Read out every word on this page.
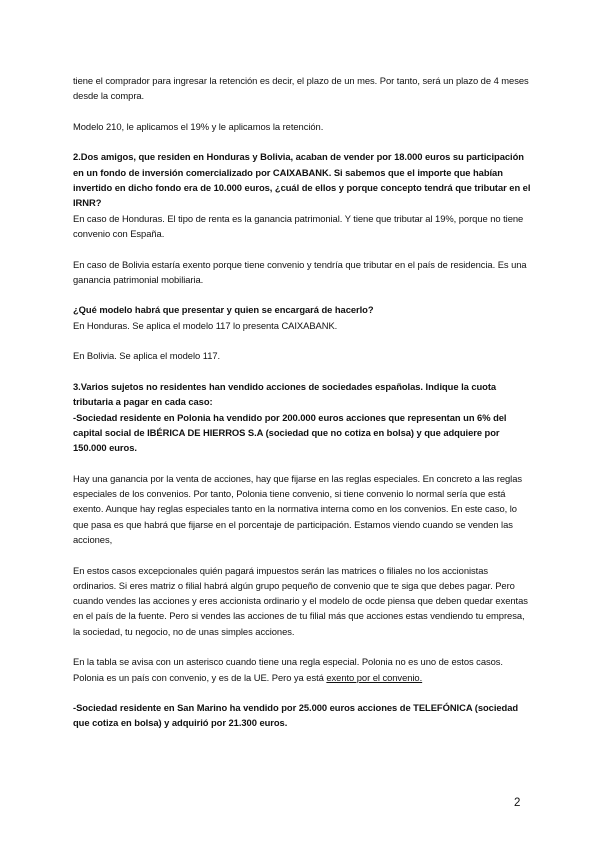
tiene el comprador para ingresar la retención es decir, el plazo de un mes. Por tanto, será un plazo de 4 meses desde la compra.

Modelo 210, le aplicamos el 19% y le aplicamos la retención.

2.Dos amigos, que residen en Honduras y Bolivia, acaban de vender por 18.000 euros su participación en un fondo de inversión comercializado por CAIXABANK. Si sabemos que el importe que habían invertido en dicho fondo era de 10.000 euros, ¿cuál de ellos y porque concepto tendrá que tributar en el IRNR?
En caso de Honduras. El tipo de renta es la ganancia patrimonial. Y tiene que tributar al 19%, porque no tiene convenio con España.

En caso de Bolivia estaría exento porque tiene convenio y tendría que tributar en el país de residencia. Es una ganancia patrimonial mobiliaria.

¿Qué modelo habrá que presentar y quien se encargará de hacerlo?
En Honduras. Se aplica el modelo 117 lo presenta CAIXABANK.

En Bolivia. Se aplica el modelo 117.

3.Varios sujetos no residentes han vendido acciones de sociedades españolas. Indique la cuota tributaria a pagar en cada caso:
-Sociedad residente en Polonia ha vendido por 200.000 euros acciones que representan un 6% del capital social de IBÉRICA DE HIERROS S.A (sociedad que no cotiza en bolsa) y que adquiere por 150.000 euros.

Hay una ganancia por la venta de acciones, hay que fijarse en las reglas especiales. En concreto a las reglas especiales de los convenios. Por tanto, Polonia tiene convenio, si tiene convenio lo normal sería que está exento. Aunque hay reglas especiales tanto en la normativa interna como en los convenios. En este caso, lo que pasa es que habrá que fijarse en el porcentaje de participación. Estamos viendo cuando se venden las acciones,

En estos casos excepcionales quién pagará impuestos serán las matrices o filiales no los accionistas ordinarios. Si eres matriz o filial habrá algún grupo pequeño de convenio que te siga que debes pagar. Pero cuando vendes las acciones y eres accionista ordinario y el modelo de ocde piensa que deben quedar exentas en el país de la fuente. Pero si vendes las acciones de tu filial más que acciones estas vendiendo tu empresa, la sociedad, tu negocio, no de unas simples acciones.

En la tabla se avisa con un asterisco cuando tiene una regla especial. Polonia no es uno de estos casos. Polonia es un país con convenio, y es de la UE. Pero ya está exento por el convenio.

-Sociedad residente en San Marino ha vendido por 25.000 euros acciones de TELEFÓNICA (sociedad que cotiza en bolsa) y adquirió por 21.300 euros.

2
